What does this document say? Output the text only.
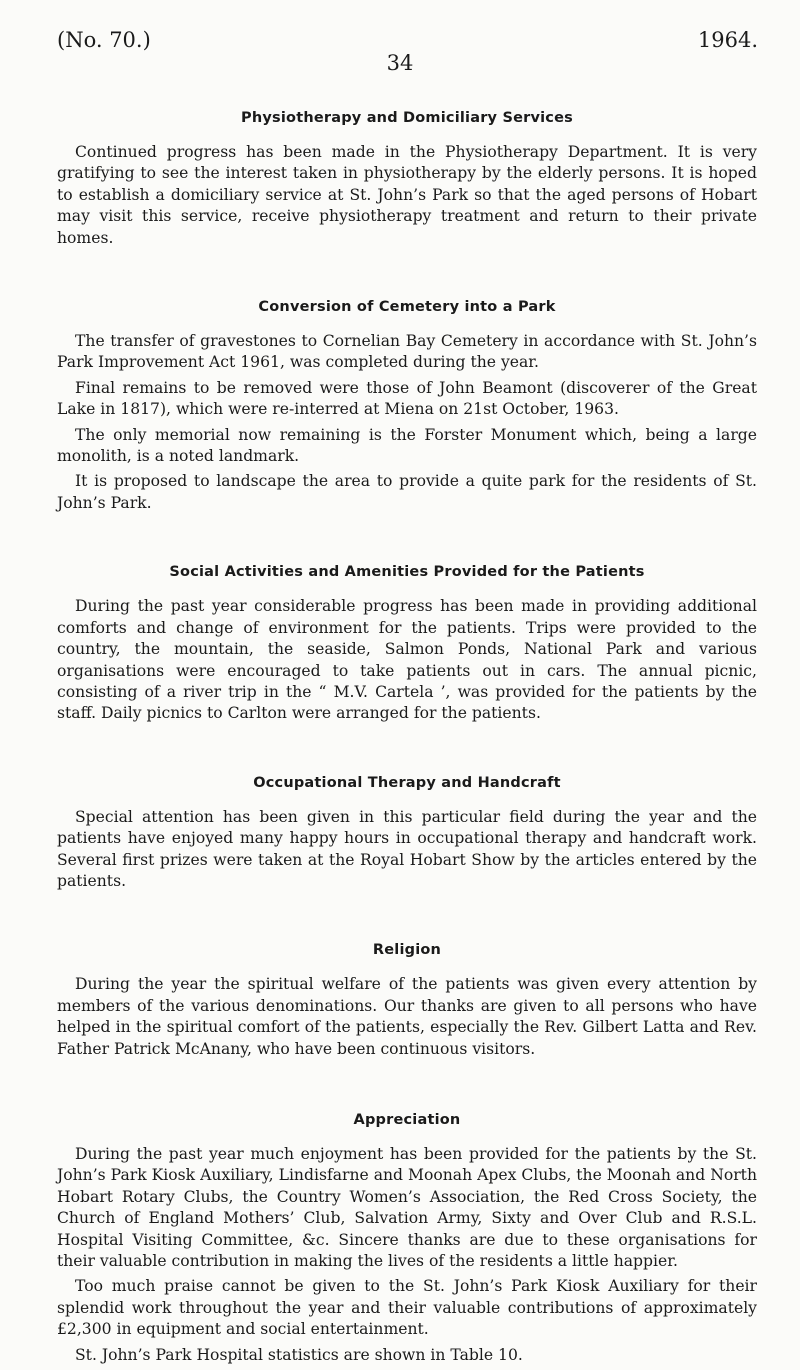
(No. 70.)	1964.
34
Physiotherapy and Domiciliary Services

Continued progress has been made in the Physiotherapy Department. It is very gratifying to see the interest taken in physiotherapy by the elderly persons. It is hoped to establish a domiciliary service at St. John’s Park so that the aged persons of Hobart may visit this service, receive physiotherapy treatment and return to their private homes.

Conversion of Cemetery into a Park

The transfer of gravestones to Cornelian Bay Cemetery in accordance with St. John’s Park Improvement Act 1961, was completed during the year.

Final remains to be removed were those of John Beamont (discoverer of the Great Lake in 1817), which were re-interred at Miena on 21st October, 1963.

The only memorial now remaining is the Forster Monument which, being a large monolith, is a noted landmark.

It is proposed to landscape the area to provide a quite park for the residents of St. John’s Park.

Social Activities and Amenities Provided for the Patients

During the past year considerable progress has been made in providing additional comforts and change of environment for the patients. Trips were provided to the country, the mountain, the seaside, Salmon Ponds, National Park and various organisations were encouraged to take patients out in cars. The annual picnic, consisting of a river trip in the “ M.V. Cartela ’, was provided for the patients by the staff. Daily picnics to Carlton were arranged for the patients.

Occupational Therapy and Handcraft

Special attention has been given in this particular field during the year and the patients have enjoyed many happy hours in occupational therapy and handcraft work. Several first prizes were taken at the Royal Hobart Show by the articles entered by the patients.

Religion

During the year the spiritual welfare of the patients was given every attention by members of the various denominations. Our thanks are given to all persons who have helped in the spiritual comfort of the patients, especially the Rev. Gilbert Latta and Rev. Father Patrick McAnany, who have been continuous visitors.

Appreciation

During the past year much enjoyment has been provided for the patients by the St. John’s Park Kiosk Auxiliary, Lindisfarne and Moonah Apex Clubs, the Moonah and North Hobart Rotary Clubs, the Country Women’s Association, the Red Cross Society, the Church of England Mothers’ Club, Salvation Army, Sixty and Over Club and R.S.L. Hospital Visiting Committee, &c. Sincere thanks are due to these organisations for their valuable contribution in making the lives of the residents a little happier.

Too much praise cannot be given to the St. John’s Park Kiosk Auxiliary for their splendid work throughout the year and their valuable contributions of approximately £2,300 in equipment and social entertainment.

St. John’s Park Hospital statistics are shown in Table 10.
